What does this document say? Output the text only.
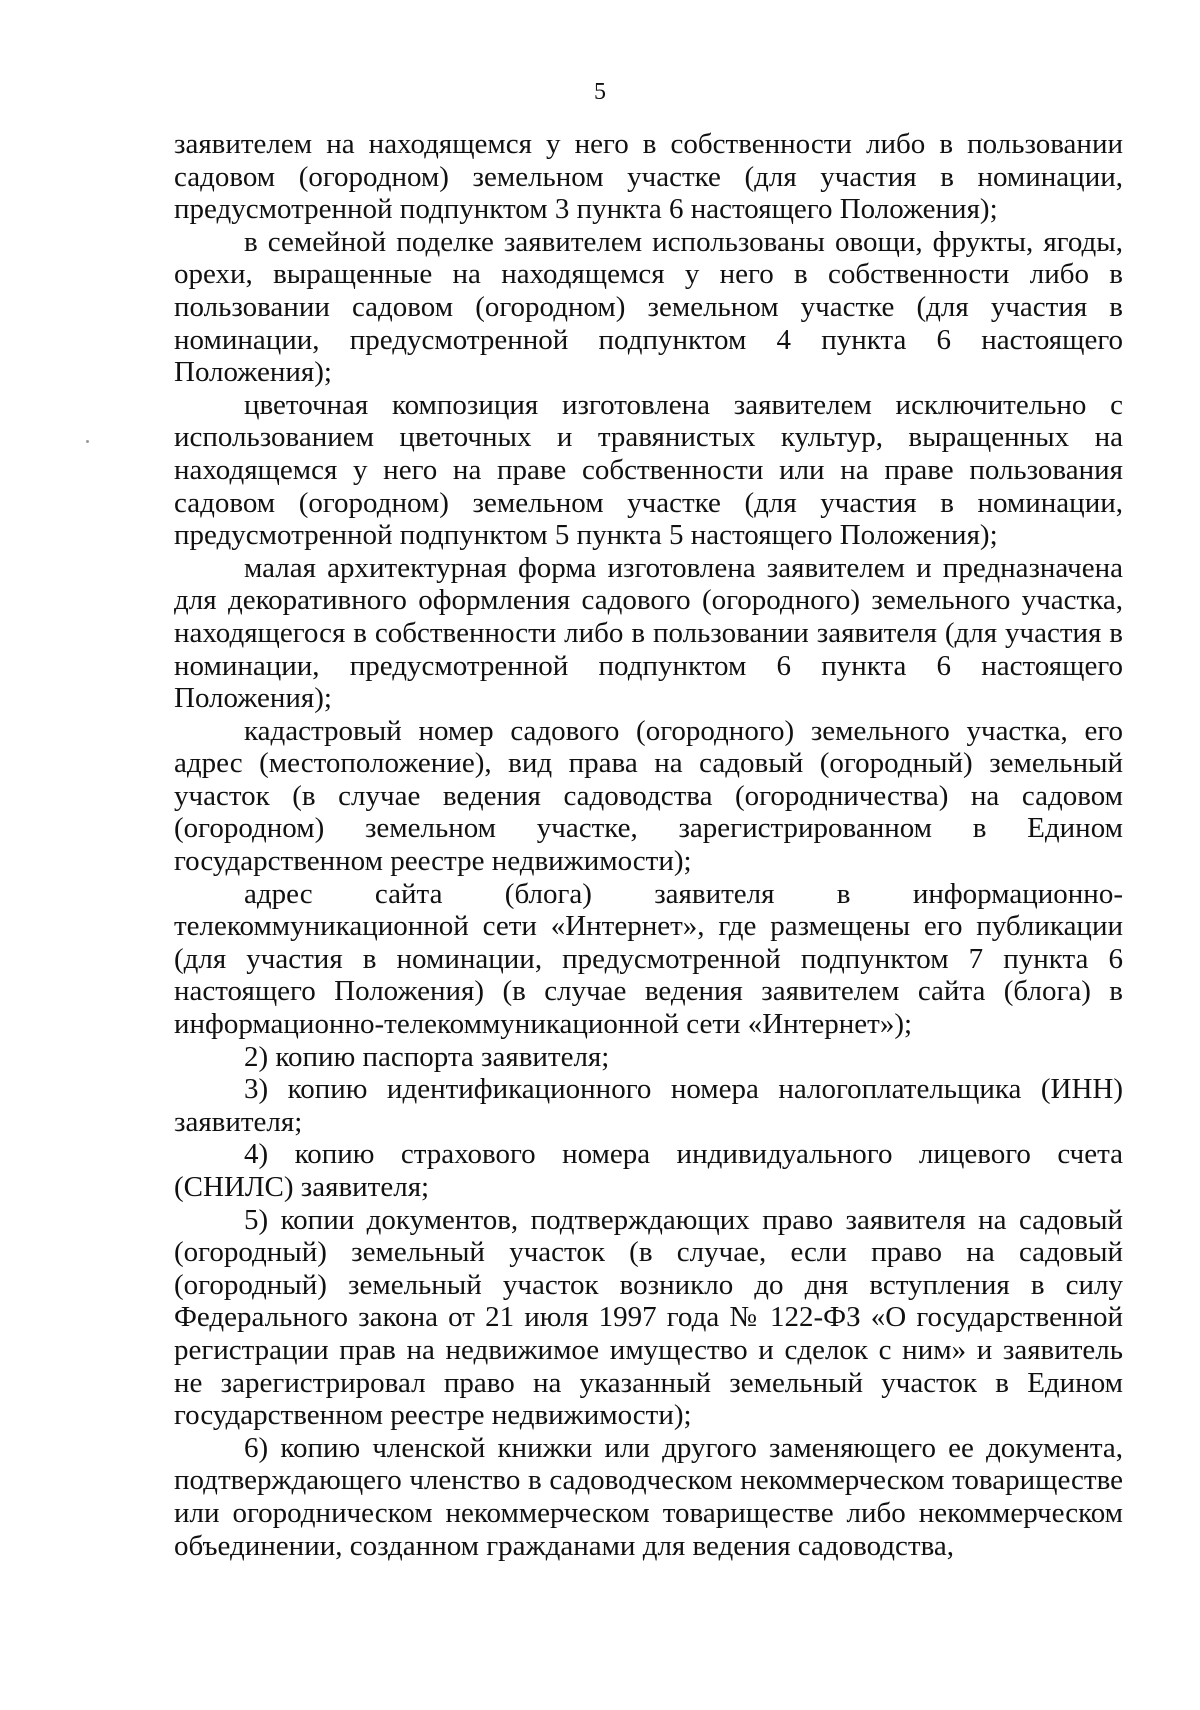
5

заявителем на находящемся у него в собственности либо в пользовании садовом (огородном) земельном участке (для участия в номинации, предусмотренной подпунктом 3 пункта 6 настоящего Положения);

в семейной поделке заявителем использованы овощи, фрукты, ягоды, орехи, выращенные на находящемся у него в собственности либо в пользовании садовом (огородном) земельном участке (для участия в номинации, предусмотренной подпунктом 4 пункта 6 настоящего Положения);

цветочная композиция изготовлена заявителем исключительно с использованием цветочных и травянистых культур, выращенных на находящемся у него на праве собственности или на праве пользования садовом (огородном) земельном участке (для участия в номинации, предусмотренной подпунктом 5 пункта 5 настоящего Положения);

малая архитектурная форма изготовлена заявителем и предназначена для декоративного оформления садового (огородного) земельного участка, находящегося в собственности либо в пользовании заявителя (для участия в номинации, предусмотренной подпунктом 6 пункта 6 настоящего Положения);

кадастровый номер садового (огородного) земельного участка, его адрес (местоположение), вид права на садовый (огородный) земельный участок (в случае ведения садоводства (огородничества) на садовом (огородном) земельном участке, зарегистрированном в Едином государственном реестре недвижимости);

адрес сайта (блога) заявителя в информационно-телекоммуникационной сети «Интернет», где размещены его публикации (для участия в номинации, предусмотренной подпунктом 7 пункта 6 настоящего Положения) (в случае ведения заявителем сайта (блога) в информационно-телекоммуникационной сети «Интернет»);

2) копию паспорта заявителя;

3) копию идентификационного номера налогоплательщика (ИНН) заявителя;

4) копию страхового номера индивидуального лицевого счета (СНИЛС) заявителя;

5) копии документов, подтверждающих право заявителя на садовый (огородный) земельный участок (в случае, если право на садовый (огородный) земельный участок возникло до дня вступления в силу Федерального закона от 21 июля 1997 года № 122-ФЗ «О государственной регистрации прав на недвижимое имущество и сделок с ним» и заявитель не зарегистрировал право на указанный земельный участок в Едином государственном реестре недвижимости);

6) копию членской книжки или другого заменяющего ее документа, подтверждающего членство в садоводческом некоммерческом товариществе или огородническом некоммерческом товариществе либо некоммерческом объединении, созданном гражданами для ведения садоводства,
